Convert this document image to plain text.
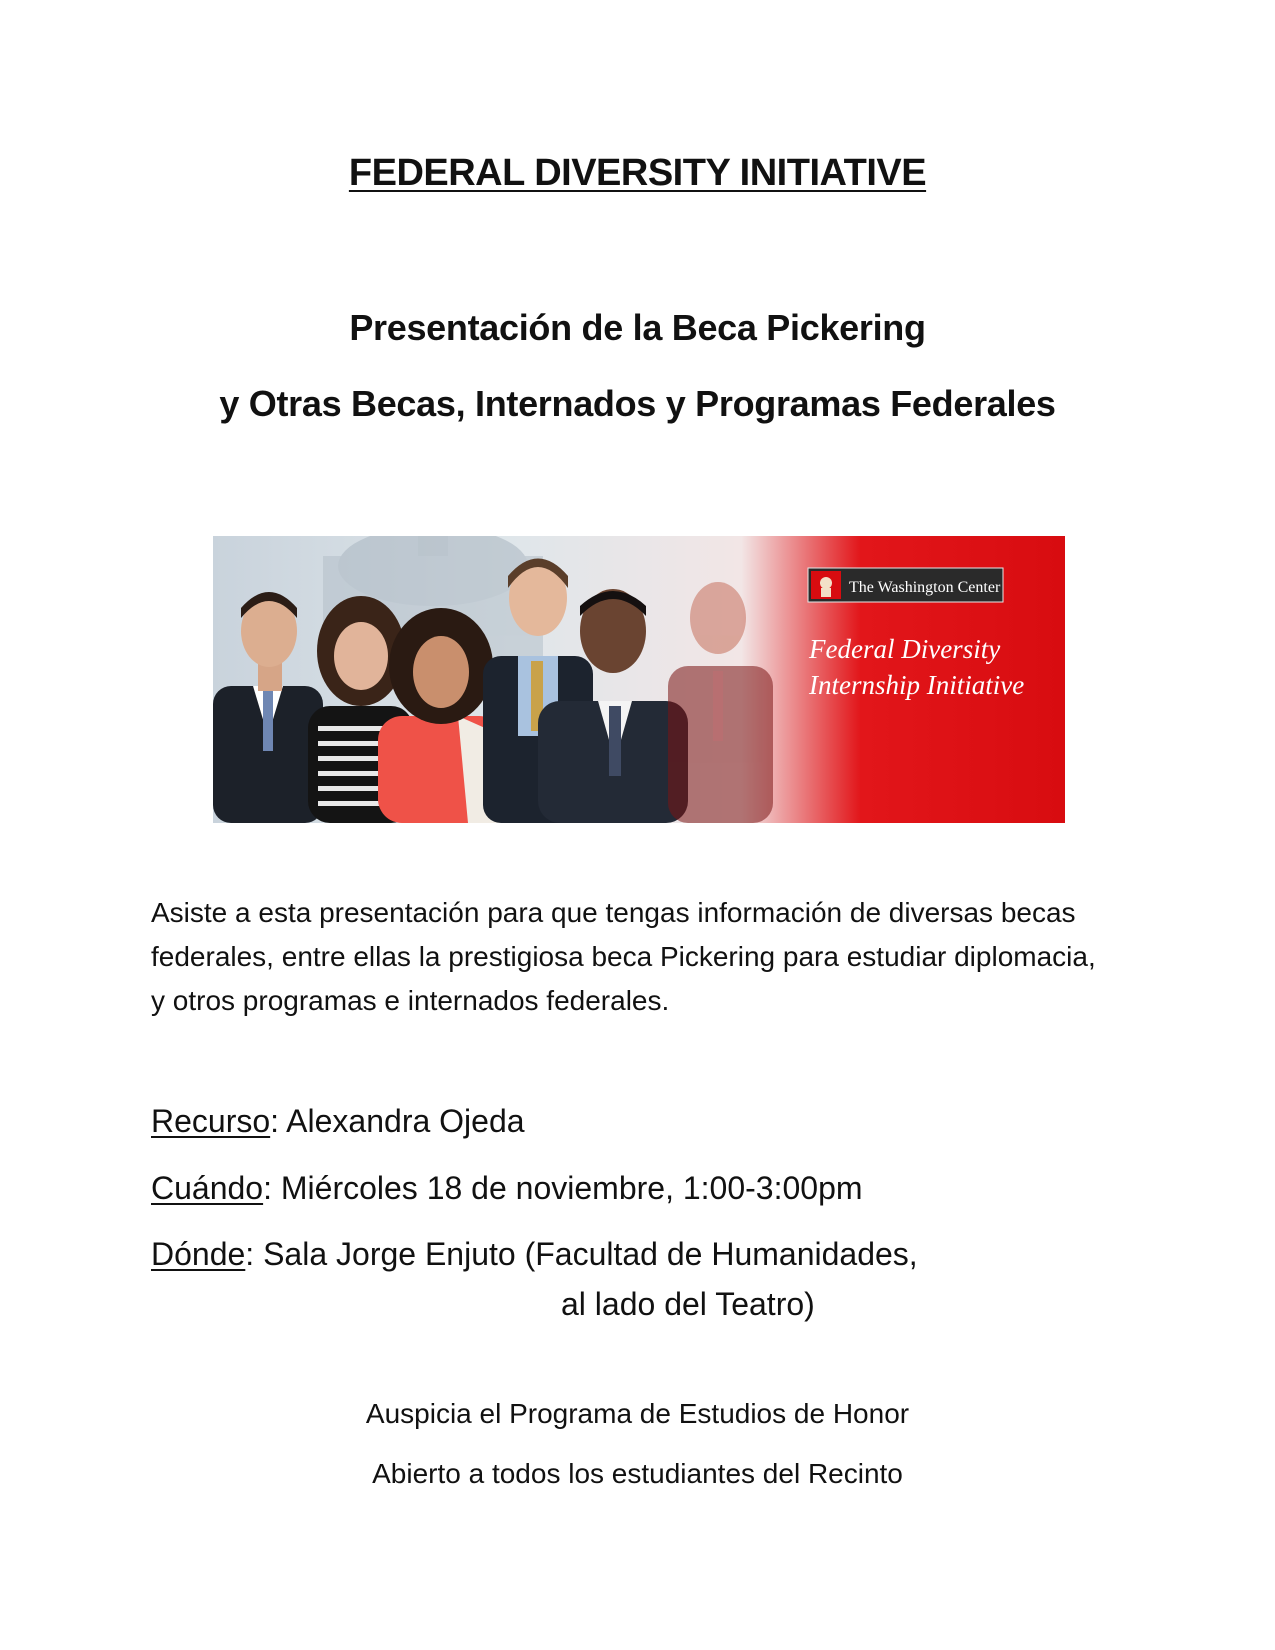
FEDERAL DIVERSITY INITIATIVE
Presentación de la Beca Pickering
y Otras Becas, Internados y Programas Federales
The Washington Center
Federal Diversity
Internship Initiative
Asiste a esta presentación para que tengas información de diversas becas federales, entre ellas la prestigiosa beca Pickering para estudiar diplomacia, y otros programas e internados federales.
Recurso: Alexandra Ojeda
Cuándo: Miércoles 18 de noviembre, 1:00-3:00pm
Dónde: Sala Jorge Enjuto (Facultad de Humanidades,
al lado del Teatro)
Auspicia el Programa de Estudios de Honor
Abierto a todos los estudiantes del Recinto
